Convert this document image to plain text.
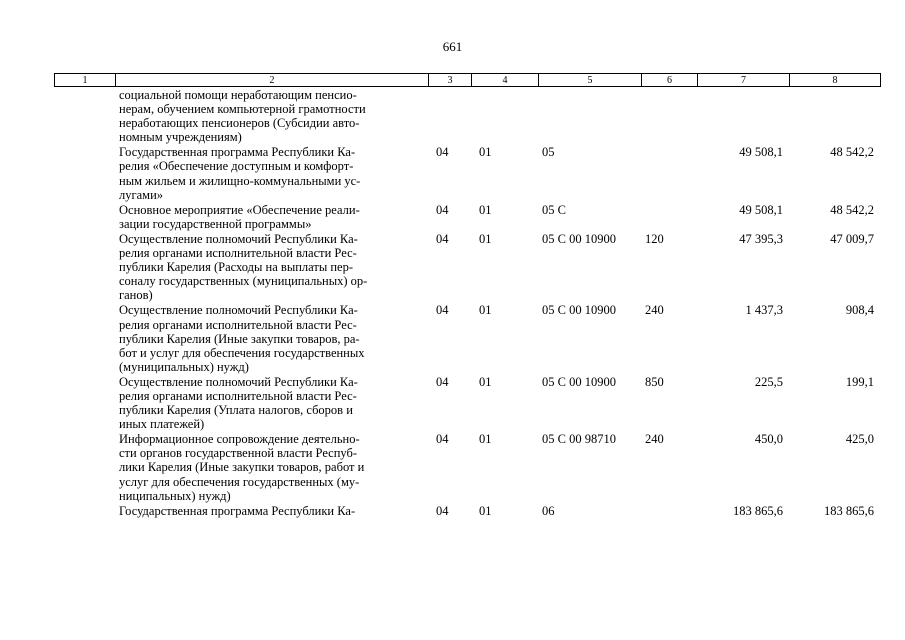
661
1	2	3	4	5	6	7	8
социальной помощи неработающим пенсио-
нерам, обучением компьютерной грамотности
неработающих пенсионеров (Субсидии авто-
номным учреждениям)						

Государственная программа Республики Ка-
релия «Обеспечение доступным и комфорт-
ным жильем и жилищно-коммунальными ус-
лугами»	04	01	05		49 508,1	48 542,2

Основное мероприятие «Обеспечение реали-
зации государственной программы»	04	01	05 С		49 508,1	48 542,2

Осуществление полномочий Республики Ка-
релия органами исполнительной власти Рес-
публики Карелия (Расходы на выплаты пер-
соналу государственных (муниципальных) ор-
ганов)	04	01	05 С 00 10900	120	47 395,3	47 009,7

Осуществление полномочий Республики Ка-
релия органами исполнительной власти Рес-
публики Карелия (Иные закупки товаров, ра-
бот и услуг для обеспечения государственных
(муниципальных) нужд)	04	01	05 С 00 10900	240	1 437,3	908,4

Осуществление полномочий Республики Ка-
релия органами исполнительной власти Рес-
публики Карелия (Уплата налогов, сборов и
иных платежей)	04	01	05 С 00 10900	850	225,5	199,1

Информационное сопровождение деятельно-
сти органов государственной власти Респуб-
лики Карелия (Иные закупки товаров, работ и
услуг для обеспечения государственных (му-
ниципальных) нужд)	04	01	05 С 00 98710	240	450,0	425,0

Государственная программа Республики Ка-	04	01	06		183 865,6	183 865,6
